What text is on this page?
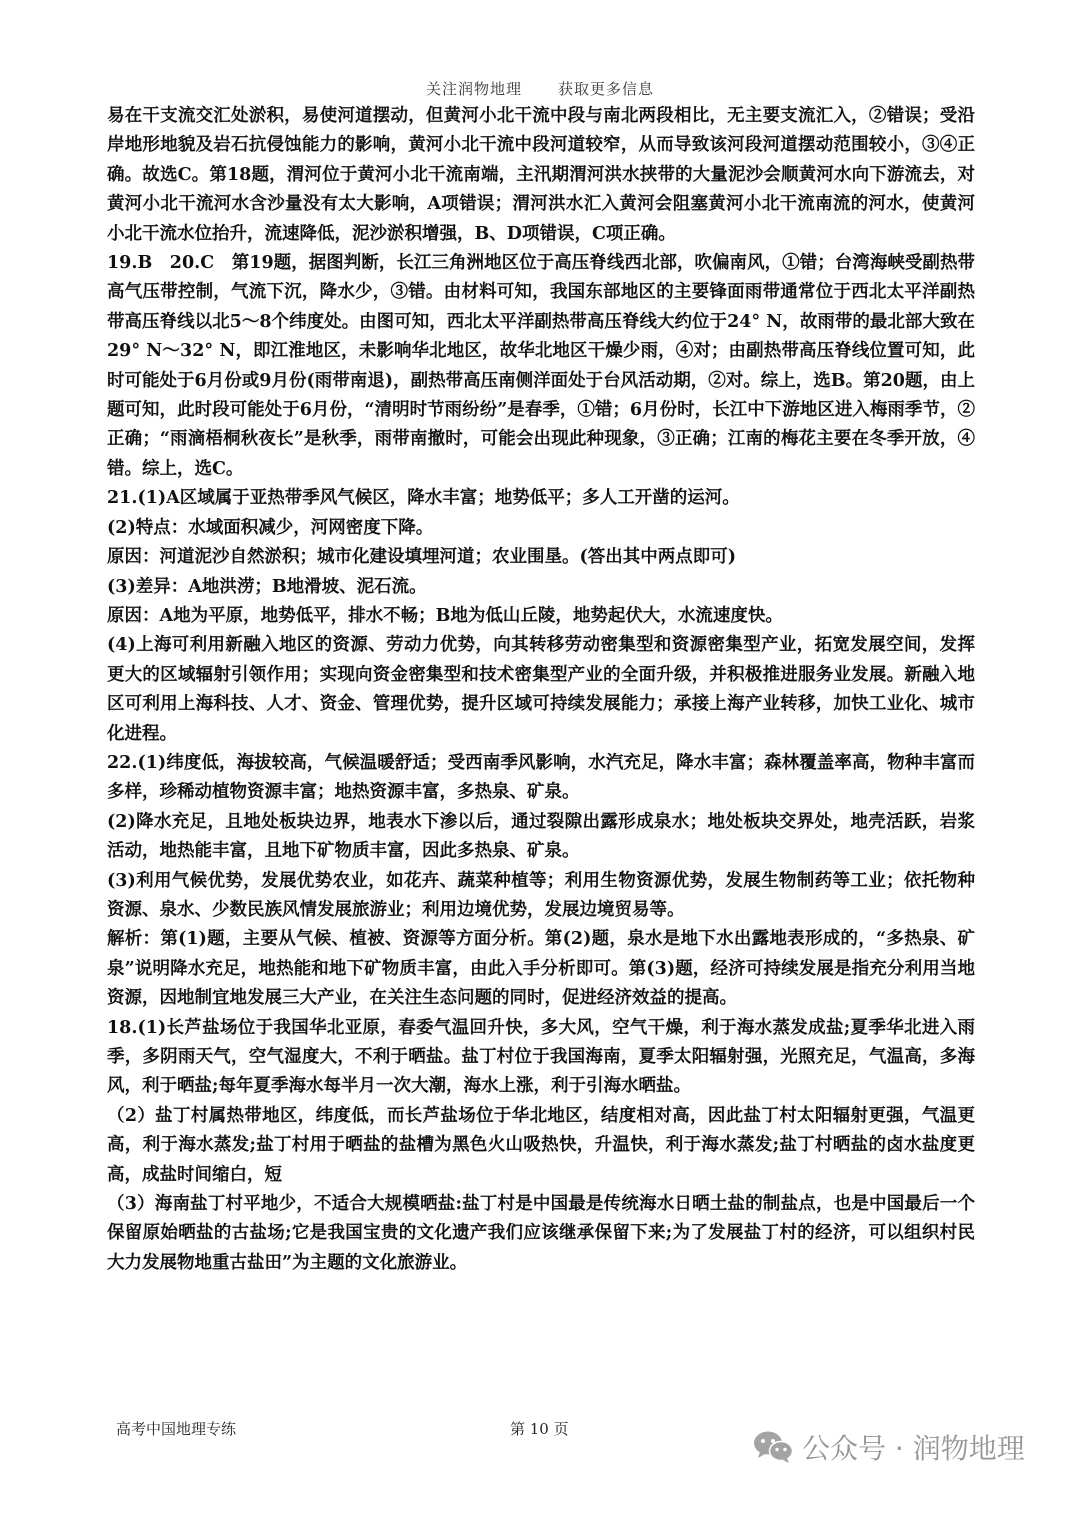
关注润物地理 获取更多信息

易在干支流交汇处淤积，易使河道摆动，但黄河小北干流中段与南北两段相比，无主要支流汇入，②错误；受沿岸地形地貌及岩石抗侵蚀能力的影响，黄河小北干流中段河道较窄，从而导致该河段河道摆动范围较小，③④正确。故选C。第18题，渭河位于黄河小北干流南端，主汛期渭河洪水挟带的大量泥沙会顺黄河水向下游流去，对黄河小北干流河水含沙量没有太大影响，A项错误；渭河洪水汇入黄河会阻塞黄河小北干流南流的河水，使黄河小北干流水位抬升，流速降低，泥沙淤积增强，B、D项错误，C项正确。

19.B　20.C　第19题，据图判断，长江三角洲地区位于高压脊线西北部，吹偏南风，①错；台湾海峡受副热带高气压带控制，气流下沉，降水少，③错。由材料可知，我国东部地区的主要锋面雨带通常位于西北太平洋副热带高压脊线以北5～8个纬度处。由图可知，西北太平洋副热带高压脊线大约位于24° N，故雨带的最北部大致在29° N～32° N，即江淮地区，未影响华北地区，故华北地区干燥少雨，④对；由副热带高压脊线位置可知，此时可能处于6月份或9月份(雨带南退)，副热带高压南侧洋面处于台风活动期，②对。综上，选B。第20题，由上题可知，此时段可能处于6月份，“清明时节雨纷纷”是春季，①错；6月份时，长江中下游地区进入梅雨季节，②正确；“雨滴梧桐秋夜长”是秋季，雨带南撤时，可能会出现此种现象，③正确；江南的梅花主要在冬季开放，④错。综上，选C。

21.(1)A区域属于亚热带季风气候区，降水丰富；地势低平；多人工开凿的运河。

(2)特点：水域面积减少，河网密度下降。

原因：河道泥沙自然淤积；城市化建设填埋河道；农业围垦。(答出其中两点即可)

(3)差异：A地洪涝；B地滑坡、泥石流。

原因：A地为平原，地势低平，排水不畅；B地为低山丘陵，地势起伏大，水流速度快。

(4)上海可利用新融入地区的资源、劳动力优势，向其转移劳动密集型和资源密集型产业，拓宽发展空间，发挥更大的区域辐射引领作用；实现向资金密集型和技术密集型产业的全面升级，并积极推进服务业发展。新融入地区可利用上海科技、人才、资金、管理优势，提升区域可持续发展能力；承接上海产业转移，加快工业化、城市化进程。

22.(1)纬度低，海拔较高，气候温暖舒适；受西南季风影响，水汽充足，降水丰富；森林覆盖率高，物种丰富而多样，珍稀动植物资源丰富；地热资源丰富，多热泉、矿泉。

(2)降水充足，且地处板块边界，地表水下渗以后，通过裂隙出露形成泉水；地处板块交界处，地壳活跃，岩浆活动，地热能丰富，且地下矿物质丰富，因此多热泉、矿泉。

(3)利用气候优势，发展优势农业，如花卉、蔬菜种植等；利用生物资源优势，发展生物制药等工业；依托物种资源、泉水、少数民族风情发展旅游业；利用边境优势，发展边境贸易等。

解析：第(1)题，主要从气候、植被、资源等方面分析。第(2)题，泉水是地下水出露地表形成的，“多热泉、矿泉”说明降水充足，地热能和地下矿物质丰富，由此入手分析即可。第(3)题，经济可持续发展是指充分利用当地资源，因地制宜地发展三大产业，在关注生态问题的同时，促进经济效益的提高。

18.(1)长芦盐场位于我国华北亚原，春委气温回升快，多大风，空气干燥，利于海水蒸发成盐;夏季华北进入雨季，多阴雨天气，空气湿度大，不利于晒盐。盐丁村位于我国海南，夏季太阳辐射强，光照充足，气温高，多海风，利于晒盐;每年夏季海水每半月一次大潮，海水上涨，利于引海水晒盐。

（2）盐丁村属热带地区，纬度低，而长芦盐场位于华北地区，结度相对高，因此盐丁村太阳辐射更强，气温更高，利于海水蒸发;盐丁村用于晒盐的盐槽为黑色火山吸热快，升温快，利于海水蒸发;盐丁村晒盐的卤水盐度更高，成盐时间缩白，短

（3）海南盐丁村平地少，不适合大规模晒盐:盐丁村是中国最是传统海水日晒土盐的制盐点，也是中国最后一个保留原始晒盐的古盐场;它是我国宝贵的文化遗产我们应该继承保留下来;为了发展盐丁村的经济，可以组织村民大力发展物地重古盐田”为主题的文化旅游业。

高考中国地理专练	第 10 页
公众号 · 润物地理
